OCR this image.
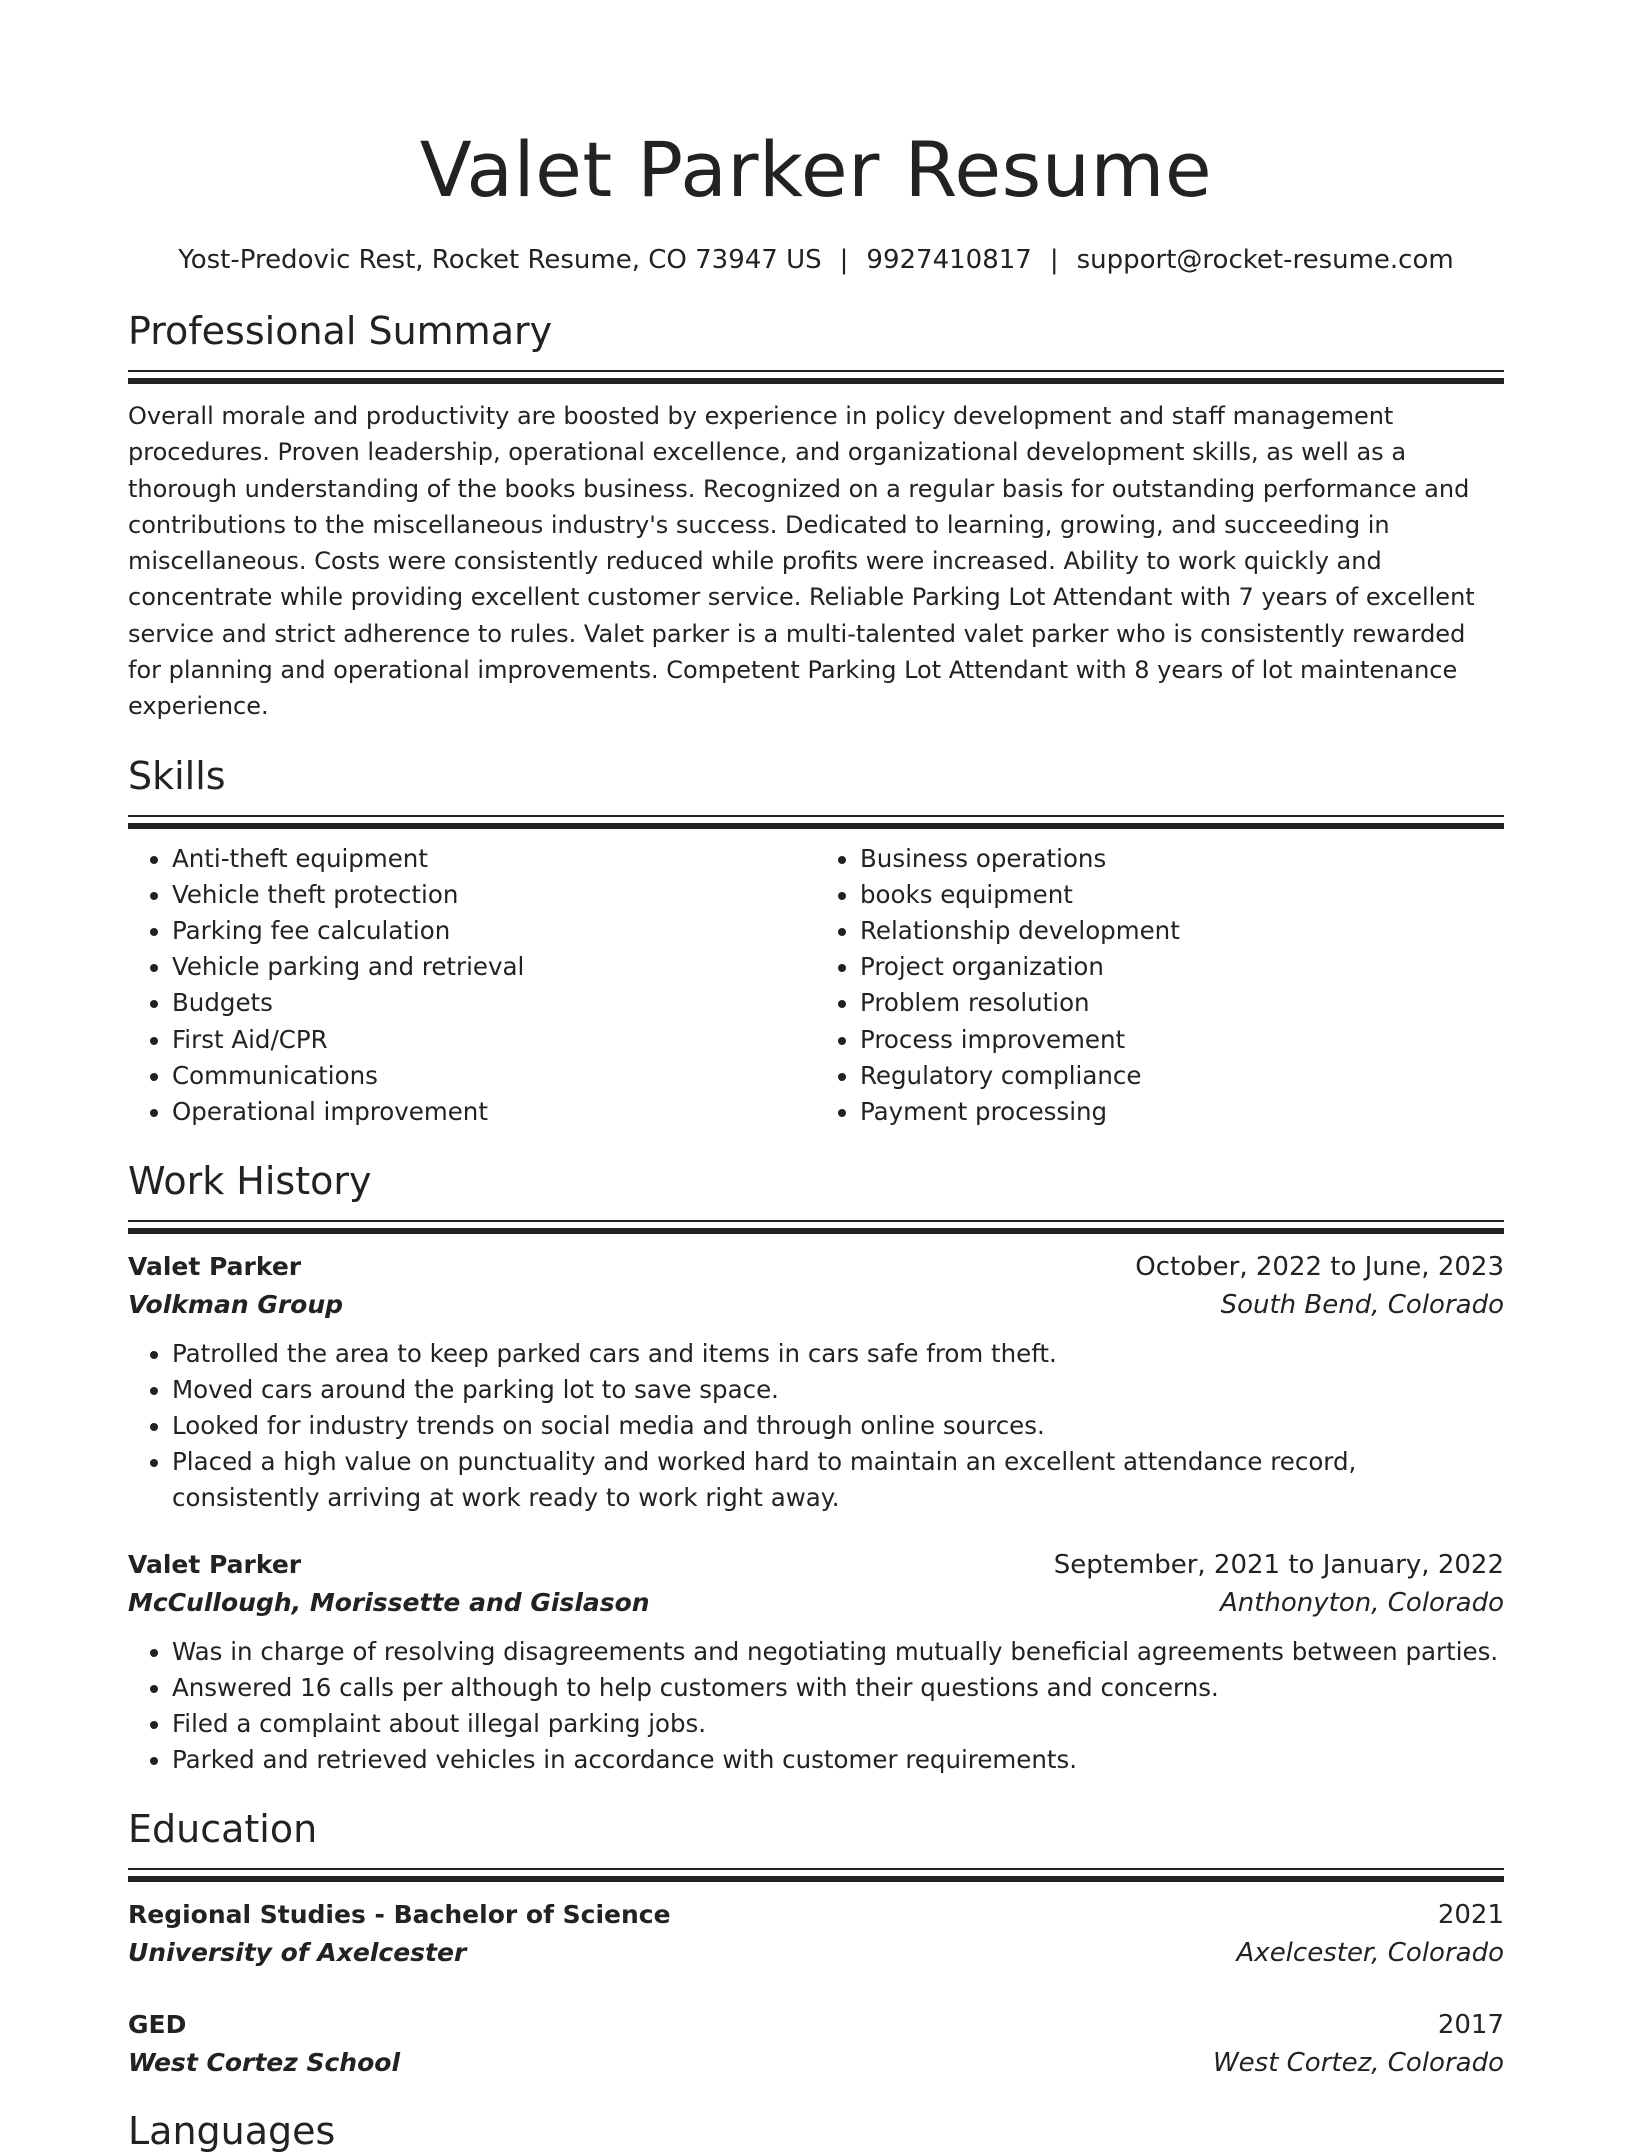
Valet Parker Resume
Yost-Predovic Rest, Rocket Resume, CO 73947 US | 9927410817 | support@rocket-resume.com
Professional Summary
Overall morale and productivity are boosted by experience in policy development and staff management procedures. Proven leadership, operational excellence, and organizational development skills, as well as a thorough understanding of the books business. Recognized on a regular basis for outstanding performance and contributions to the miscellaneous industry's success. Dedicated to learning, growing, and succeeding in miscellaneous. Costs were consistently reduced while profits were increased. Ability to work quickly and concentrate while providing excellent customer service. Reliable Parking Lot Attendant with 7 years of excellent service and strict adherence to rules. Valet parker is a multi-talented valet parker who is consistently rewarded for planning and operational improvements. Competent Parking Lot Attendant with 8 years of lot maintenance experience.
Skills
• Anti-theft equipment
• Vehicle theft protection
• Parking fee calculation
• Vehicle parking and retrieval
• Budgets
• First Aid/CPR
• Communications
• Operational improvement
• Business operations
• books equipment
• Relationship development
• Project organization
• Problem resolution
• Process improvement
• Regulatory compliance
• Payment processing
Work History
Valet Parker	October, 2022 to June, 2023
Volkman Group	South Bend, Colorado
• Patrolled the area to keep parked cars and items in cars safe from theft.
• Moved cars around the parking lot to save space.
• Looked for industry trends on social media and through online sources.
• Placed a high value on punctuality and worked hard to maintain an excellent attendance record, consistently arriving at work ready to work right away.
Valet Parker	September, 2021 to January, 2022
McCullough, Morissette and Gislason	Anthonyton, Colorado
• Was in charge of resolving disagreements and negotiating mutually beneficial agreements between parties.
• Answered 16 calls per although to help customers with their questions and concerns.
• Filed a complaint about illegal parking jobs.
• Parked and retrieved vehicles in accordance with customer requirements.
Education
Regional Studies - Bachelor of Science	2021
University of Axelcester	Axelcester, Colorado
GED	2017
West Cortez School	West Cortez, Colorado
Languages
